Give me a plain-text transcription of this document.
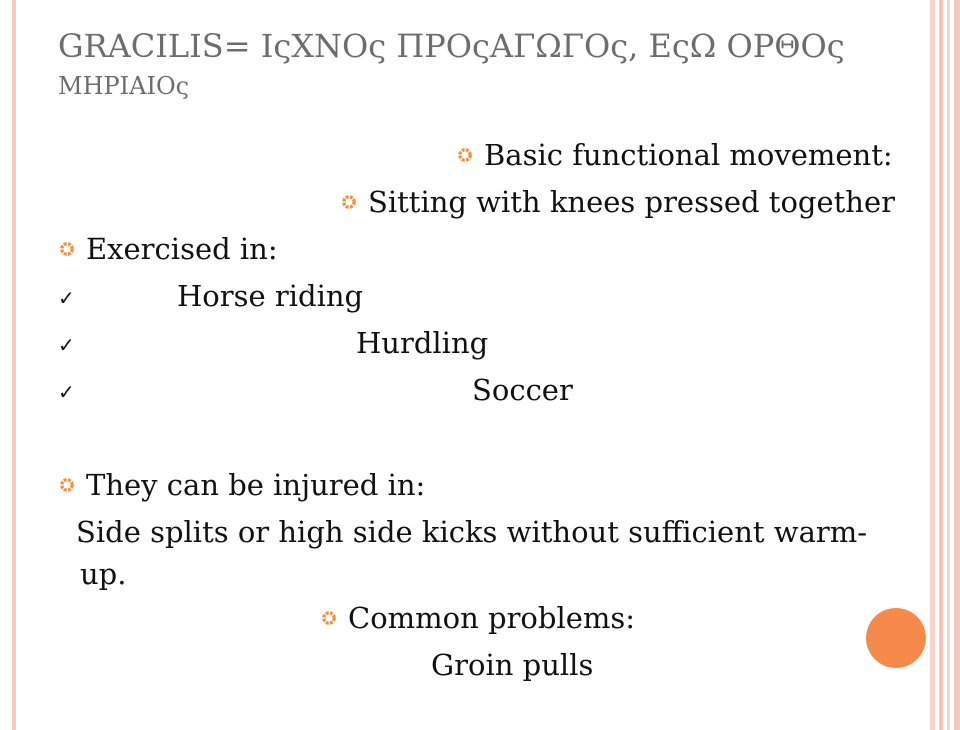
GRACILIS= ΙςΧΝΟς ΠΡΟςΑΓΩΓΟς, ΕςΩ ΟΡΘΟς
ΜΗΡΙΑΙΟς
Basic functional movement:
Sitting with knees pressed together
Exercised in:
✓	Horse riding
✓	Hurdling
✓	Soccer
They can be injured in:
Side splits or high side kicks without sufficient warm-
up.
Common problems:
Groin pulls
